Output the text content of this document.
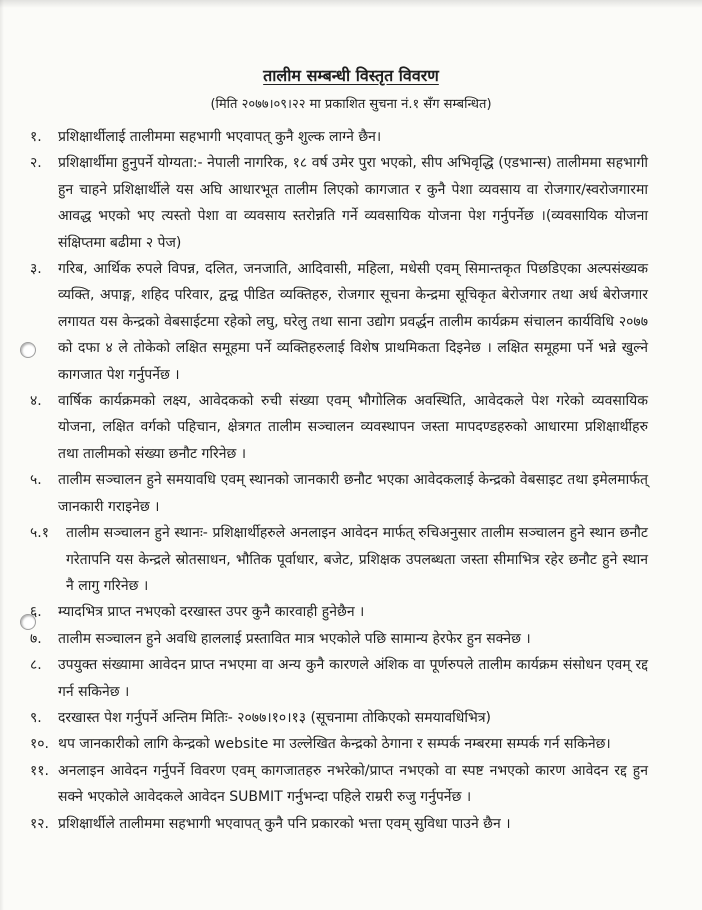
तालीम सम्बन्धी विस्तृत विवरण
(मिति २०७७।०९।२२ मा प्रकाशित सुचना नं.१ सँग सम्बन्धित)

१. प्रशिक्षार्थीलाई तालीममा सहभागी भएवापत् कुनै शुल्क लाग्ने छैन।

२. प्रशिक्षार्थीमा हुनुपर्ने योग्यता:- नेपाली नागरिक, १८ वर्ष उमेर पुरा भएको, सीप अभिवृद्धि (एडभान्स) तालीममा सहभागी हुन चाहने प्रशिक्षार्थीले यस अघि आधारभूत तालीम लिएको कागजात र कुनै पेशा व्यवसाय वा रोजगार/स्वरोजगारमा आवद्ध भएको भए त्यस्तो पेशा वा व्यवसाय स्तरोन्नति गर्ने व्यवसायिक योजना पेश गर्नुपर्नेछ ।(व्यवसायिक योजना संक्षिप्तमा बढीमा २ पेज)

३. गरिब, आर्थिक रुपले विपन्न, दलित, जनजाति, आदिवासी, महिला, मधेसी एवम् सिमान्तकृत पिछडिएका अल्पसंख्यक व्यक्ति, अपाङ्ग, शहिद परिवार, द्वन्द्व पीडित व्यक्तिहरु, रोजगार सूचना केन्द्रमा सूचिकृत बेरोजगार तथा अर्ध बेरोजगार लगायत यस केन्द्रको वेबसाईटमा रहेको लघु, घरेलु तथा साना उद्योग प्रवर्द्धन तालीम कार्यक्रम संचालन कार्यविधि २०७७ को दफा ४ ले तोकेको लक्षित समूहमा पर्ने व्यक्तिहरुलाई विशेष प्राथमिकता दिइनेछ । लक्षित समूहमा पर्ने भन्ने खुल्ने कागजात पेश गर्नुपर्नेछ ।

४. वार्षिक कार्यक्रमको लक्ष्य, आवेदकको रुची संख्या एवम् भौगोलिक अवस्थिति, आवेदकले पेश गरेको व्यवसायिक योजना, लक्षित वर्गको पहिचान, क्षेत्रगत तालीम सञ्चालन व्यवस्थापन जस्ता मापदण्डहरुको आधारमा प्रशिक्षार्थीहरु तथा तालीमको संख्या छनौट गरिनेछ ।

५. तालीम सञ्चालन हुने समयावधि एवम् स्थानको जानकारी छनौट भएका आवेदकलाई केन्द्रको वेबसाइट तथा इमेलमार्फत् जानकारी गराइनेछ ।

५.१ तालीम सञ्चालन हुने स्थानः- प्रशिक्षार्थीहरुले अनलाइन आवेदन मार्फत् रुचिअनुसार तालीम सञ्चालन हुने स्थान छनौट गरेतापनि यस केन्द्रले स्रोतसाधन, भौतिक पूर्वाधार, बजेट, प्रशिक्षक उपलब्धता जस्ता सीमाभित्र रहेर छनौट हुने स्थान नै लागु गरिनेछ ।

६. म्यादभित्र प्राप्त नभएको दरखास्त उपर कुनै कारवाही हुनेछैन ।

७. तालीम सञ्चालन हुने अवधि हाललाई प्रस्तावित मात्र भएकोले पछि सामान्य हेरफेर हुन सक्नेछ ।

८. उपयुक्त संख्यामा आवेदन प्राप्त नभएमा वा अन्य कुनै कारणले अंशिक वा पूर्णरुपले तालीम कार्यक्रम संसोधन एवम् रद्द गर्न सकिनेछ ।

९. दरखास्त पेश गर्नुपर्ने अन्तिम मितिः- २०७७।१०।१३ (सूचनामा तोकिएको समयावधिभित्र)

१०. थप जानकारीको लागि केन्द्रको website मा उल्लेखित केन्द्रको ठेगाना र सम्पर्क नम्बरमा सम्पर्क गर्न सकिनेछ।

११. अनलाइन आवेदन गर्नुपर्ने विवरण एवम् कागजातहरु नभरेको/प्राप्त नभएको वा स्पष्ट नभएको कारण आवेदन रद्द हुन सक्ने भएकोले आवेदकले आवेदन SUBMIT गर्नुभन्दा पहिले राम्ररी रुजु गर्नुपर्नेछ ।

१२. प्रशिक्षार्थीले तालीममा सहभागी भएवापत् कुनै पनि प्रकारको भत्ता एवम् सुविधा पाउने छैन ।
